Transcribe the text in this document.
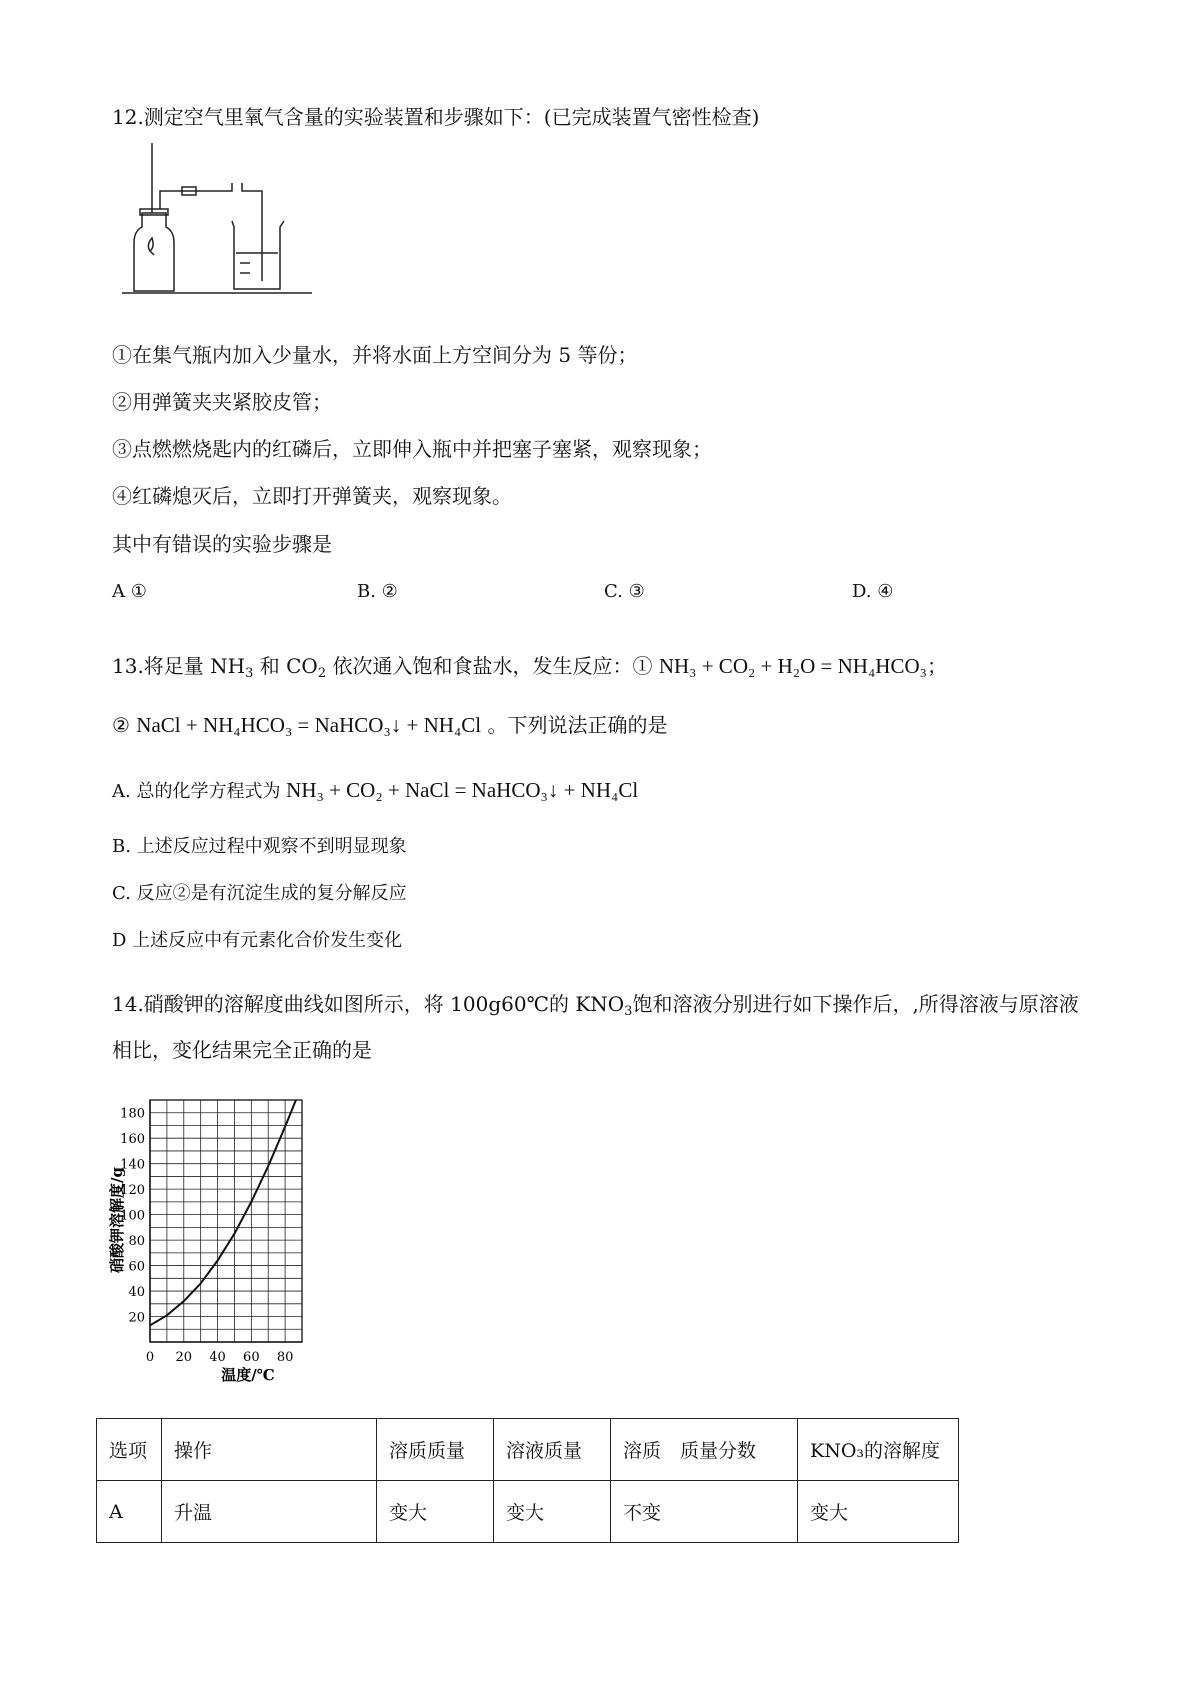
12.测定空气里氧气含量的实验装置和步骤如下：(已完成装置气密性检查)
①在集气瓶内加入少量水，并将水面上方空间分为 5 等份；
②用弹簧夹夹紧胶皮管；
③点燃燃烧匙内的红磷后，立即伸入瓶中并把塞子塞紧，观察现象；
④红磷熄灭后，立即打开弹簧夹，观察现象。
其中有错误的实验步骤是
A ①	B. ②	C. ③	D. ④
13.将足量 $NH_3$ 和 $CO_2$ 依次通入饱和食盐水，发生反应：① NH₃ + CO₂ + H₂O = NH₄HCO₃；
② NaCl + NH₄HCO₃ = NaHCO₃↓ + NH₄Cl 。下列说法正确的是
A. 总的化学方程式为 NH₃ + CO₂ + NaCl = NaHCO₃↓ + NH₄Cl
B. 上述反应过程中观察不到明显现象
C. 反应②是有沉淀生成的复分解反应
D 上述反应中有元素化合价发生变化
14.硝酸钾的溶解度曲线如图所示，将 100g60℃的 $KNO_3$饱和溶液分别进行如下操作后，,所得溶液与原溶液
相比，变化结果完全正确的是
20
40
60
80
100
120
140
160
180
0 20 40 60 80
硝酸钾溶解度/g
温度/℃
选项	操作	溶质质量	溶液质量	溶质　质量分数	KNO₃的溶解度
A	升温	变大	变大	不变	变大
